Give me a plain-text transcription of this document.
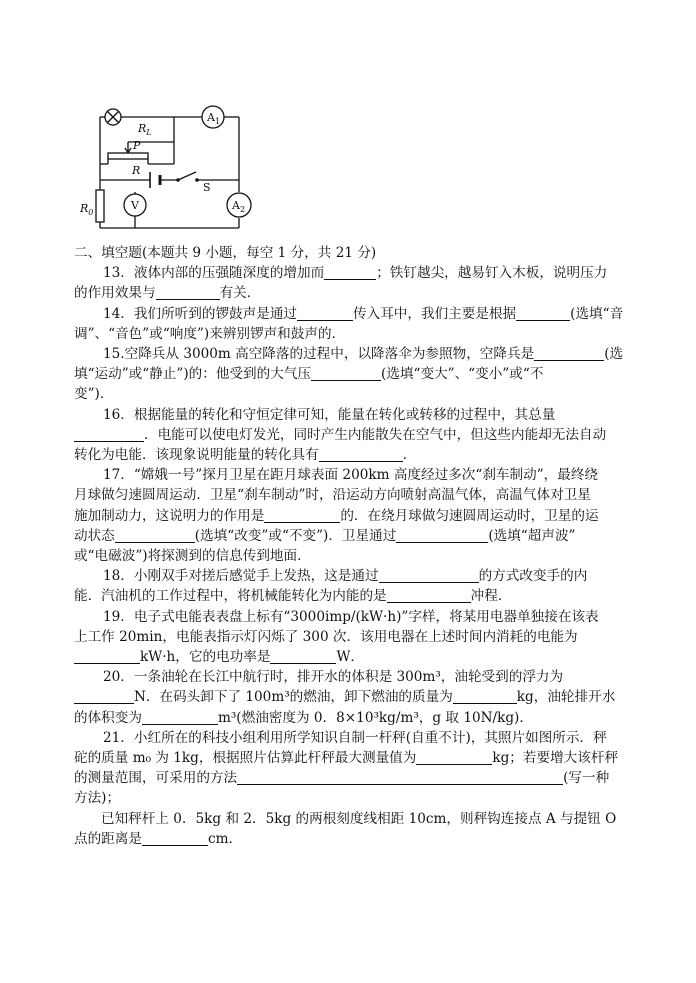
$R_L$
$A_1$
P
R
S
$R_0$
V	$A_2$
二、填空题(本题共 9 小题，每空 1 分，共 21 分)
13．液体内部的压强随深度的增加而	；铁钉越尖，越易钉入木板，说明压力
的作用效果与	有关．
14．我们所听到的锣鼓声是通过	传入耳中，我们主要是根据	(选填“音
调”、“音色”或“响度”)来辨别锣声和鼓声的．
15.空降兵从 3000m 高空降落的过程中，以降落伞为参照物，空降兵是	(选
填“运动”或“静止”)的：他受到的大气压	(选填“变大”、“变小”或“不
变”)．
16．根据能量的转化和守恒定律可知，能量在转化或转移的过程中，其总量
．电能可以使电灯发光，同时产生内能散失在空气中，但这些内能却无法自动
转化为电能．该现象说明能量的转化具有	．
17．“嫦娥一号”探月卫星在距月球表面 200km 高度经过多次“刹车制动”，最终绕
月球做匀速圆周运动．卫星“刹车制动”时，沿运动方向喷射高温气体，高温气体对卫星
施加制动力，这说明力的作用是	的．在绕月球做匀速圆周运动时，卫星的运
动状态	(选填“改变”或“不变”)．卫星通过	(选填“超声波”
或“电磁波”)将探测到的信息传到地面．
18．小刚双手对搓后感觉手上发热，这是通过	的方式改变手的内
能．汽油机的工作过程中，将机械能转化为内能的是	冲程．
19．电子式电能表表盘上标有“3000imp/(kW·h)”字样，将某用电器单独接在该表
上工作 20min，电能表指示灯闪烁了 300 次．该用电器在上述时间内消耗的电能为
kW·h，它的电功率是	W．
20．一条油轮在长江中航行时，排开水的体积是 300m³，油轮受到的浮力为
N．在码头卸下了 100m³的燃油，卸下燃油的质量为	kg，油轮排开水
的体积变为	m³(燃油密度为 0．8×10³kg/m³，g 取 10N/kg)．
21．小红所在的科技小组利用所学知识自制一杆秤(自重不计)，其照片如图所示．秤
砣的质量 m₀ 为 1kg，根据照片估算此杆秤最大测量值为	kg；若要增大该杆秤
的测量范围，可采用的方法	(写一种
方法)；
已知秤杆上 0．5kg 和 2．5kg 的两根刻度线相距 10cm，则秤钩连接点 A 与提钮 O
点的距离是	cm．
